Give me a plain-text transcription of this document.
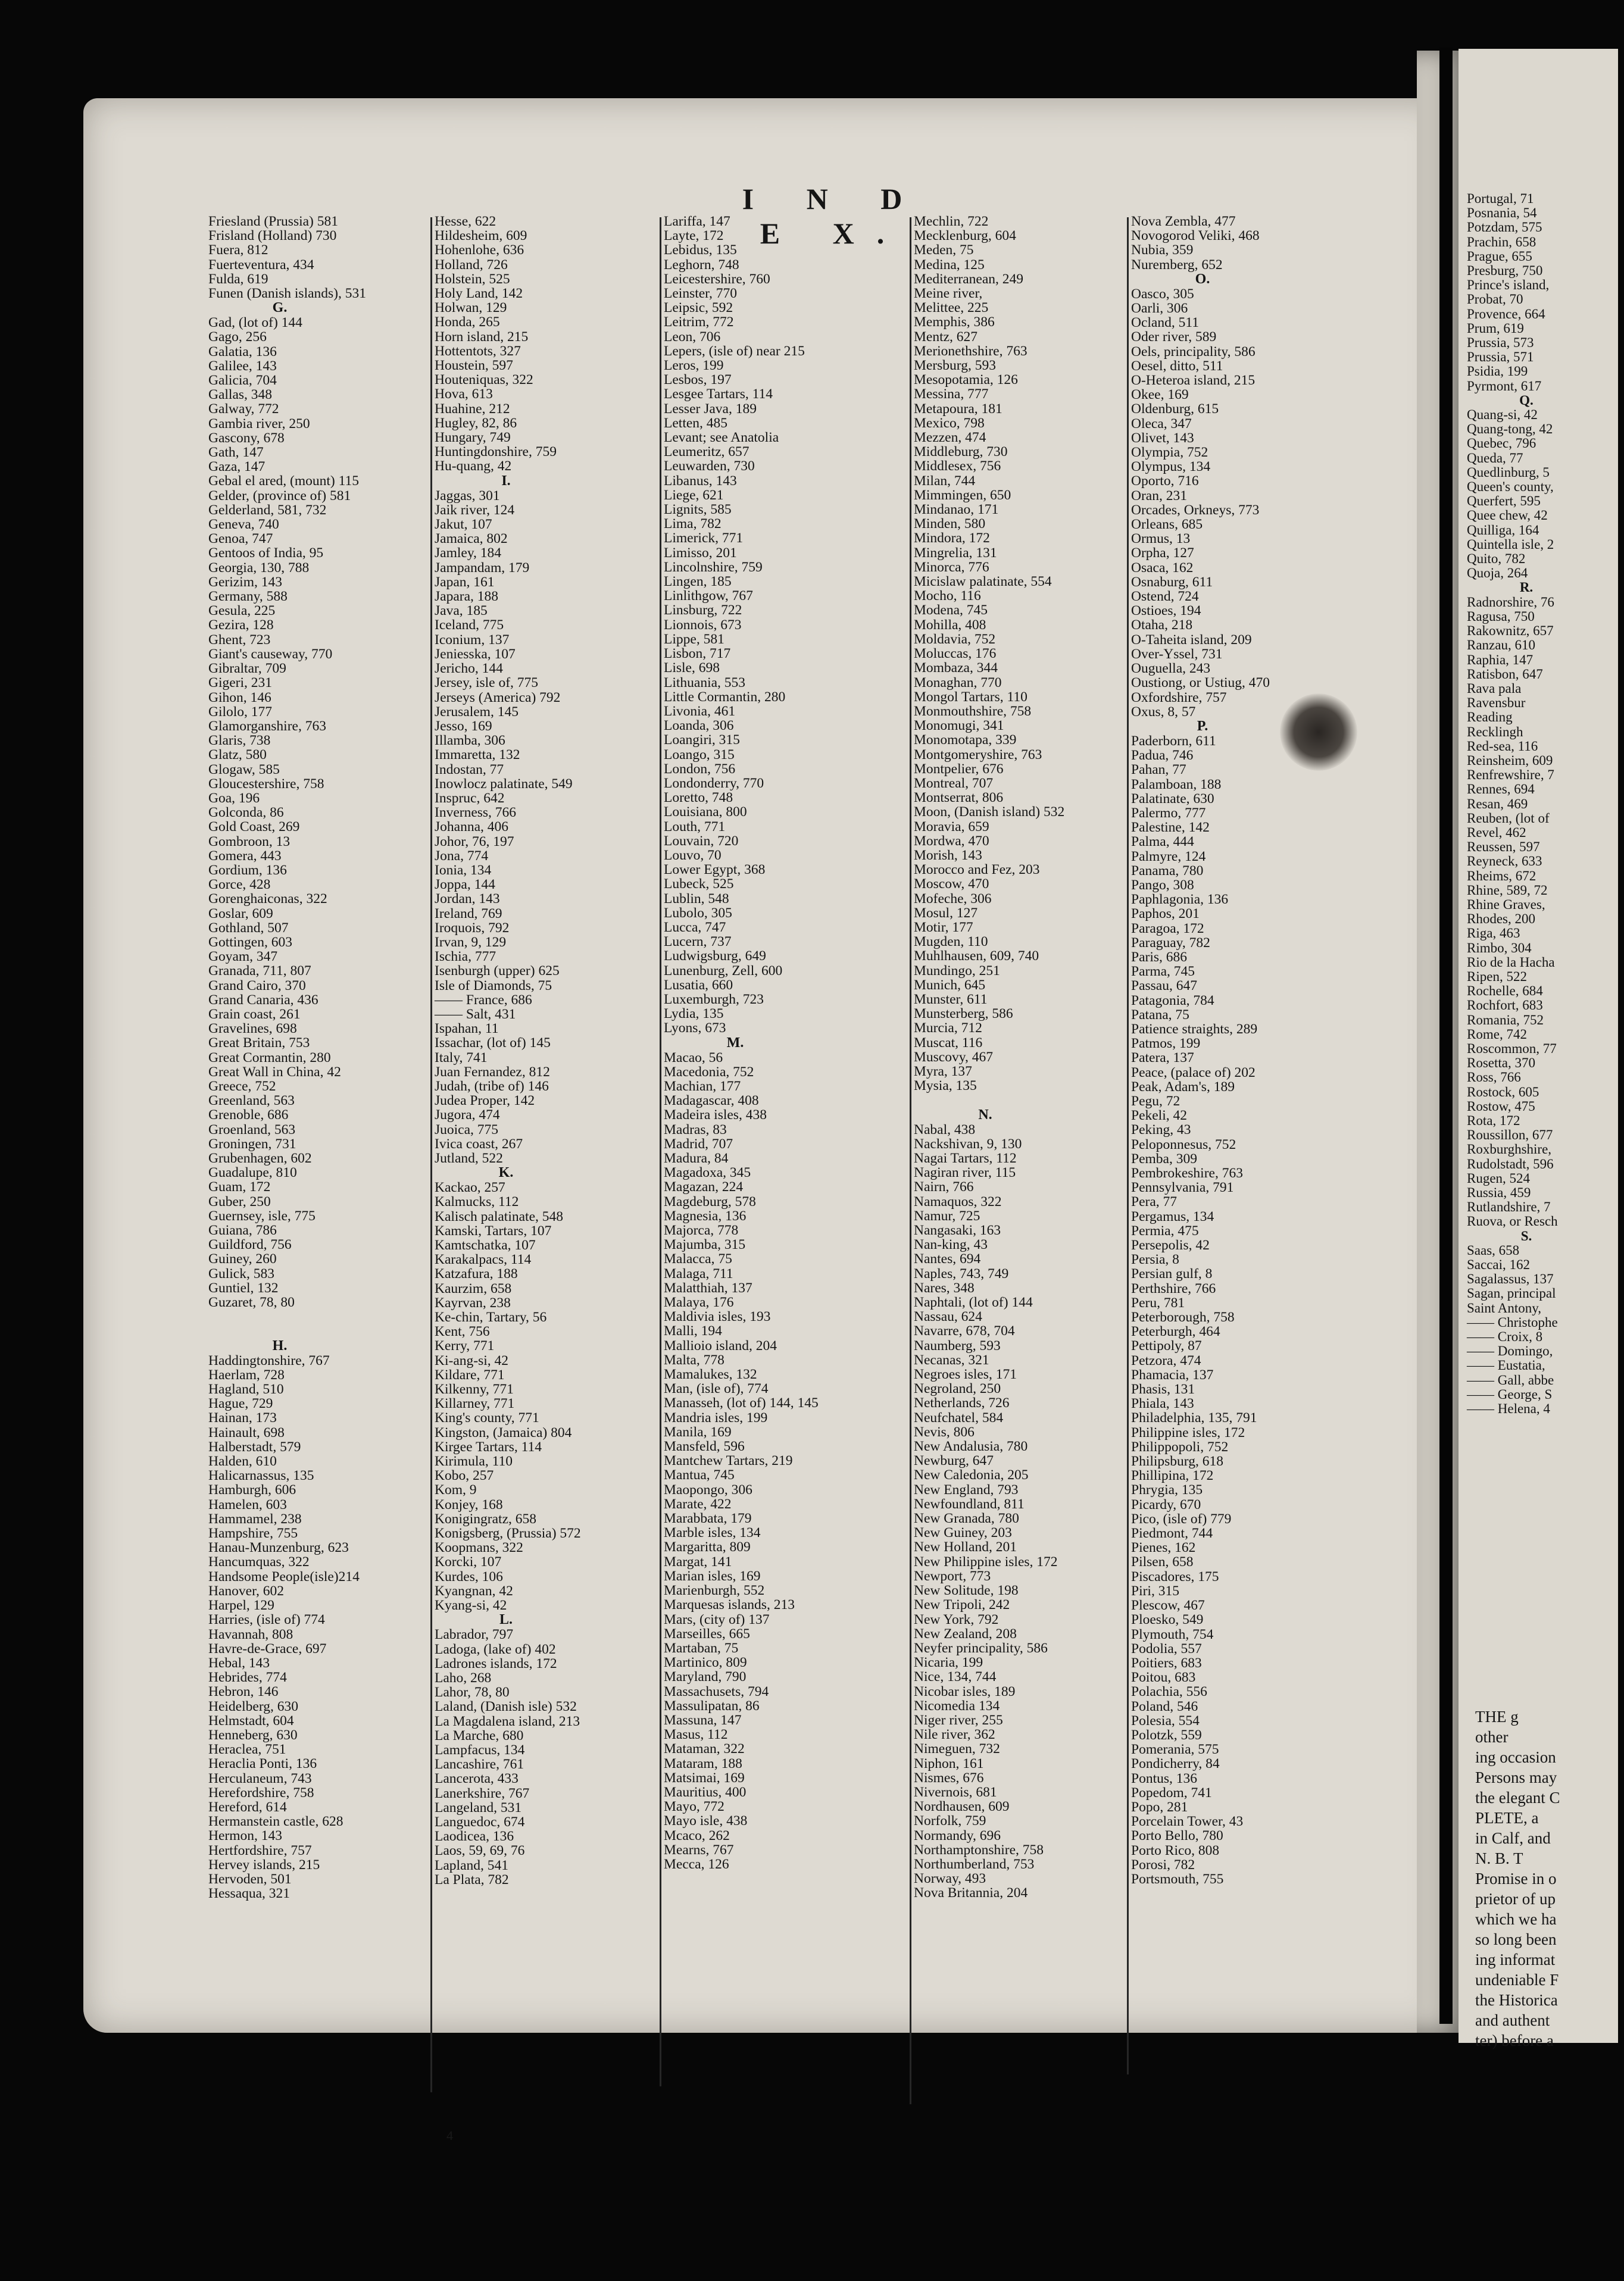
I N D E X.
Friesland (Prussia) 581
Frisland (Holland) 730
Fuera, 812
Fuerteventura, 434
Fulda, 619
Funen (Danish islands), 531
G.
Gad, (lot of) 144
Gago, 256
Galatia, 136
Galilee, 143
Galicia, 704
Gallas, 348
Galway, 772
Gambia river, 250
Gascony, 678
Gath, 147
Gaza, 147
Gebal el ared, (mount) 115
Gelder, (province of) 581
Gelderland, 581, 732
Geneva, 740
Genoa, 747
Gentoos of India, 95
Georgia, 130, 788
Gerizim, 143
Germany, 588
Gesula, 225
Gezira, 128
Ghent, 723
Giant's causeway, 770
Gibraltar, 709
Gigeri, 231
Gihon, 146
Gilolo, 177
Glamorganshire, 763
Glaris, 738
Glatz, 580
Glogaw, 585
Gloucestershire, 758
Goa, 196
Golconda, 86
Gold Coast, 269
Gombroon, 13
Gomera, 443
Gordium, 136
Gorce, 428
Gorenghaiconas, 322
Goslar, 609
Gothland, 507
Gottingen, 603
Goyam, 347
Granada, 711, 807
Grand Cairo, 370
Grand Canaria, 436
Grain coast, 261
Gravelines, 698
Great Britain, 753
Great Cormantin, 280
Great Wall in China, 42
Greece, 752
Greenland, 563
Grenoble, 686
Groenland, 563
Groningen, 731
Grubenhagen, 602
Guadalupe, 810
Guam, 172
Guber, 250
Guernsey, isle, 775
Guiana, 786
Guildford, 756
Guiney, 260
Gulick, 583
Guntiel, 132
Guzaret, 78, 80

H.
Haddingtonshire, 767
Haerlam, 728
Hagland, 510
Hague, 729
Hainan, 173
Hainault, 698
Halberstadt, 579
Halden, 610
Halicarnassus, 135
Hamburgh, 606
Hamelen, 603
Hammamel, 238
Hampshire, 755
Hanau-Munzenburg, 623
Hancumquas, 322
Handsome People(isle)214
Hanover, 602
Harpel, 129
Harries, (isle of) 774
Havannah, 808
Havre-de-Grace, 697
Hebal, 143
Hebrides, 774
Hebron, 146
Heidelberg, 630
Helmstadt, 604
Henneberg, 630
Heraclea, 751
Heraclia Ponti, 136
Herculaneum, 743
Herefordshire, 758
Hereford, 614
Hermanstein castle, 628
Hermon, 143
Hertfordshire, 757
Hervey islands, 215
Hervoden, 501
Hessaqua, 321
Hesse, 622
Hildesheim, 609
Hohenlohe, 636
Holland, 726
Holstein, 525
Holy Land, 142
Holwan, 129
Honda, 265
Horn island, 215
Hottentots, 327
Houstein, 597
Houteniquas, 322
Hova, 613
Huahine, 212
Hugley, 82, 86
Hungary, 749
Huntingdonshire, 759
Hu-quang, 42
I.
Jaggas, 301
Jaik river, 124
Jakut, 107
Jamaica, 802
Jamley, 184
Jampandam, 179
Japan, 161
Japara, 188
Java, 185
Iceland, 775
Iconium, 137
Jeniesska, 107
Jericho, 144
Jersey, isle of, 775
Jerseys (America) 792
Jerusalem, 145
Jesso, 169
Illamba, 306
Immaretta, 132
Indostan, 77
Inowlocz palatinate, 549
Inspruc, 642
Inverness, 766
Johanna, 406
Johor, 76, 197
Jona, 774
Ionia, 134
Joppa, 144
Jordan, 143
Ireland, 769
Iroquois, 792
Irvan, 9, 129
Ischia, 777
Isenburgh (upper) 625
Isle of Diamonds, 75
—— France, 686
—— Salt, 431
Ispahan, 11
Issachar, (lot of) 145
Italy, 741
Juan Fernandez, 812
Judah, (tribe of) 146
Judea Proper, 142
Jugora, 474
Juoica, 775
Ivica coast, 267
Jutland, 522
K.
Kackao, 257
Kalmucks, 112
Kalisch palatinate, 548
Kamski, Tartars, 107
Kamtschatka, 107
Karakalpacs, 114
Katzafura, 188
Kaurzim, 658
Kayrvan, 238
Ke-chin, Tartary, 56
Kent, 756
Kerry, 771
Ki-ang-si, 42
Kildare, 771
Kilkenny, 771
Killarney, 771
King's county, 771
Kingston, (Jamaica) 804
Kirgee Tartars, 114
Kirimula, 110
Kobo, 257
Kom, 9
Konjey, 168
Konigingratz, 658
Konigsberg, (Prussia) 572
Koopmans, 322
Korcki, 107
Kurdes, 106
Kyangnan, 42
Kyang-si, 42
L.
Labrador, 797
Ladoga, (lake of) 402
Ladrones islands, 172
Laho, 268
Lahor, 78, 80
Laland, (Danish isle) 532
La Magdalena island, 213
La Marche, 680
Lampfacus, 134
Lancashire, 761
Lancerota, 433
Lanerkshire, 767
Langeland, 531
Languedoc, 674
Laodicea, 136
Laos, 59, 69, 76
Lapland, 541
La Plata, 782
Lariffa, 147
Layte, 172
Lebidus, 135
Leghorn, 748
Leicestershire, 760
Leinster, 770
Leipsic, 592
Leitrim, 772
Leon, 706
Lepers, (isle of) near 215
Leros, 199
Lesbos, 197
Lesgee Tartars, 114
Lesser Java, 189
Letten, 485
Levant; see Anatolia
Leumeritz, 657
Leuwarden, 730
Libanus, 143
Liege, 621
Lignits, 585
Lima, 782
Limerick, 771
Limisso, 201
Lincolnshire, 759
Lingen, 185
Linlithgow, 767
Linsburg, 722
Lionnois, 673
Lippe, 581
Lisbon, 717
Lisle, 698
Lithuania, 553
Little Cormantin, 280
Livonia, 461
Loanda, 306
Loangiri, 315
Loango, 315
London, 756
Londonderry, 770
Loretto, 748
Louisiana, 800
Louth, 771
Louvain, 720
Louvo, 70
Lower Egypt, 368
Lubeck, 525
Lublin, 548
Lubolo, 305
Lucca, 747
Lucern, 737
Ludwigsburg, 649
Lunenburg, Zell, 600
Lusatia, 660
Luxemburgh, 723
Lydia, 135
Lyons, 673
M.
Macao, 56
Macedonia, 752
Machian, 177
Madagascar, 408
Madeira isles, 438
Madras, 83
Madrid, 707
Madura, 84
Magadoxa, 345
Magazan, 224
Magdeburg, 578
Magnesia, 136
Majorca, 778
Majumba, 315
Malacca, 75
Malaga, 711
Malatthiah, 137
Malaya, 176
Maldivia isles, 193
Malli, 194
Mallioio island, 204
Malta, 778
Mamalukes, 132
Man, (isle of), 774
Manasseh, (lot of) 144, 145
Mandria isles, 199
Manila, 169
Mansfeld, 596
Mantchew Tartars, 219
Mantua, 745
Maopongo, 306
Marate, 422
Marabbata, 179
Marble isles, 134
Margaritta, 809
Margat, 141
Marian isles, 169
Marienburgh, 552
Marquesas islands, 213
Mars, (city of) 137
Marseilles, 665
Martaban, 75
Martinico, 809
Maryland, 790
Massachusets, 794
Massulipatan, 86
Massuna, 147
Masus, 112
Mataman, 322
Mataram, 188
Matsimai, 169
Mauritius, 400
Mayo, 772
Mayo isle, 438
Mcaco, 262
Mearns, 767
Mecca, 126
Mechlin, 722
Mecklenburg, 604
Meden, 75
Medina, 125
Mediterranean, 249
Meine river,
Melittee, 225
Memphis, 386
Mentz, 627
Merionethshire, 763
Mersburg, 593
Mesopotamia, 126
Messina, 777
Metapoura, 181
Mexico, 798
Mezzen, 474
Middleburg, 730
Middlesex, 756
Milan, 744
Mimmingen, 650
Mindanao, 171
Minden, 580
Mindora, 172
Mingrelia, 131
Minorca, 776
Micislaw palatinate, 554
Mocho, 116
Modena, 745
Mohilla, 408
Moldavia, 752
Moluccas, 176
Mombaza, 344
Monaghan, 770
Mongol Tartars, 110
Monmouthshire, 758
Monomugi, 341
Monomotapa, 339
Montgomeryshire, 763
Montpelier, 676
Montreal, 707
Montserrat, 806
Moon, (Danish island) 532
Moravia, 659
Mordwa, 470
Morish, 143
Morocco and Fez, 203
Moscow, 470
Mofeche, 306
Mosul, 127
Motir, 177
Mugden, 110
Muhlhausen, 609, 740
Mundingo, 251
Munich, 645
Munster, 611
Munsterberg, 586
Murcia, 712
Muscat, 116
Muscovy, 467
Myra, 137
Mysia, 135

N.
Nabal, 438
Nackshivan, 9, 130
Nagai Tartars, 112
Nagiran river, 115
Nairn, 766
Namaquos, 322
Namur, 725
Nangasaki, 163
Nan-king, 43
Nantes, 694
Naples, 743, 749
Nares, 348
Naphtali, (lot of) 144
Nassau, 624
Navarre, 678, 704
Naumberg, 593
Necanas, 321
Negroes isles, 171
Negroland, 250
Netherlands, 726
Neufchatel, 584
Nevis, 806
New Andalusia, 780
Newburg, 647
New Caledonia, 205
New England, 793
Newfoundland, 811
New Granada, 780
New Guiney, 203
New Holland, 201
New Philippine isles, 172
Newport, 773
New Solitude, 198
New Tripoli, 242
New York, 792
New Zealand, 208
Neyfer principality, 586
Nicaria, 199
Nice, 134, 744
Nicobar isles, 189
Nicomedia 134
Niger river, 255
Nile river, 362
Nimeguen, 732
Niphon, 161
Nismes, 676
Nivernois, 681
Nordhausen, 609
Norfolk, 759
Normandy, 696
Northamptonshire, 758
Northumberland, 753
Norway, 493
Nova Britannia, 204
Nova Zembla, 477
Novogorod Veliki, 468
Nubia, 359
Nuremberg, 652
O.
Oasco, 305
Oarli, 306
Ocland, 511
Oder river, 589
Oels, principality, 586
Oesel, ditto, 511
O-Heteroa island, 215
Okee, 169
Oldenburg, 615
Oleca, 347
Olivet, 143
Olympia, 752
Olympus, 134
Oporto, 716
Oran, 231
Orcades, Orkneys, 773
Orleans, 685
Ormus, 13
Orpha, 127
Osaca, 162
Osnaburg, 611
Ostend, 724
Ostioes, 194
Otaha, 218
O-Taheita island, 209
Over-Yssel, 731
Ouguella, 243
Oustiong, or Ustiug, 470
Oxfordshire, 757
Oxus, 8, 57
P.
Paderborn, 611
Padua, 746
Pahan, 77
Palamboan, 188
Palatinate, 630
Palermo, 777
Palestine, 142
Palma, 444
Palmyre, 124
Panama, 780
Pango, 308
Paphlagonia, 136
Paphos, 201
Paragoa, 172
Paraguay, 782
Paris, 686
Parma, 745
Passau, 647
Patagonia, 784
Patana, 75
Patience straights, 289
Patmos, 199
Patera, 137
Peace, (palace of) 202
Peak, Adam's, 189
Pegu, 72
Pekeli, 42
Peking, 43
Peloponnesus, 752
Pemba, 309
Pembrokeshire, 763
Pennsylvania, 791
Pera, 77
Pergamus, 134
Permia, 475
Persepolis, 42
Persia, 8
Persian gulf, 8
Perthshire, 766
Peru, 781
Peterborough, 758
Peterburgh, 464
Pettipoly, 87
Petzora, 474
Phamacia, 137
Phasis, 131
Phiala, 143
Philadelphia, 135, 791
Philippine isles, 172
Philippopoli, 752
Philipsburg, 618
Phillipina, 172
Phrygia, 135
Picardy, 670
Pico, (isle of) 779
Piedmont, 744
Pienes, 162
Pilsen, 658
Piscadores, 175
Piri, 315
Plescow, 467
Ploesko, 549
Plymouth, 754
Podolia, 557
Poitiers, 683
Poitou, 683
Polachia, 556
Poland, 546
Polesia, 554
Polotzk, 559
Pomerania, 575
Pondicherry, 84
Pontus, 136
Popedom, 741
Popo, 281
Porcelain Tower, 43
Porto Bello, 780
Porto Rico, 808
Porosi, 782
Portsmouth, 755
4
Portugal, 71
Posnania, 54
Potzdam, 575
Prachin, 658
Prague, 655
Presburg, 750
Prince's island,
Probat, 70
Provence, 664
Prum, 619
Prussia, 573
Prussia, 571
Psidia, 199
Pyrmont, 617
Q.
Quang-si, 42
Quang-tong, 42
Quebec, 796
Queda, 77
Quedlinburg, 5
Queen's county,
Querfert, 595
Quee chew, 42
Quilliga, 164
Quintella isle, 2
Quito, 782
Quoja, 264
R.
Radnorshire, 76
Ragusa, 750
Rakownitz, 657
Ranzau, 610
Raphia, 147
Ratisbon, 647
Rava pala
Ravensbur
Reading
Recklingh
Red-sea, 116
Reinsheim, 609
Renfrewshire, 7
Rennes, 694
Resan, 469
Reuben, (lot of
Revel, 462
Reussen, 597
Reyneck, 633
Rheims, 672
Rhine, 589, 72
Rhine Graves,
Rhodes, 200
Riga, 463
Rimbo, 304
Rio de la Hacha
Ripen, 522
Rochelle, 684
Rochfort, 683
Romania, 752
Rome, 742
Roscommon, 77
Rosetta, 370
Ross, 766
Rostock, 605
Rostow, 475
Rota, 172
Roussillon, 677
Roxburghshire,
Rudolstadt, 596
Rugen, 524
Russia, 459
Rutlandshire, 7
Ruova, or Resch
S.
Saas, 658
Saccai, 162
Sagalassus, 137
Sagan, principal
Saint Antony,
—— Christophe
—— Croix, 8
—— Domingo,
—— Eustatia,
—— Gall, abbe
—— George, S
—— Helena, 4
THE g
other
ing occasion
Persons may
the elegant C
PLETE, a
in Calf, and
N. B. T
Promise in o
prietor of up
which we ha
so long been
ing informat
undeniable F
the Historica
and authent
ter) before a
